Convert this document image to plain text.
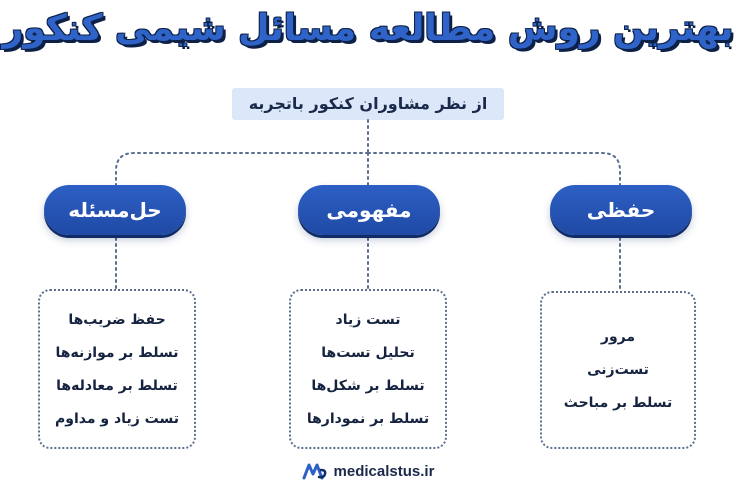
بهترین روش مطالعه مسائل شیمی کنکور
از نظر مشاوران کنکور باتجربه
حل‌مسئله	مفهومی	حفظی
حفظ ضریب‌ها
تسلط بر موازنه‌ها
تسلط بر معادله‌ها
تست زیاد و مداوم
تست‌ زیاد
تحلیل‌ تست‌ها
تسلط بر شکل‌ها
تسلط بر نمودارها
مرور
تست‌زنی
تسلط بر مباحث
medicalstus.ir
